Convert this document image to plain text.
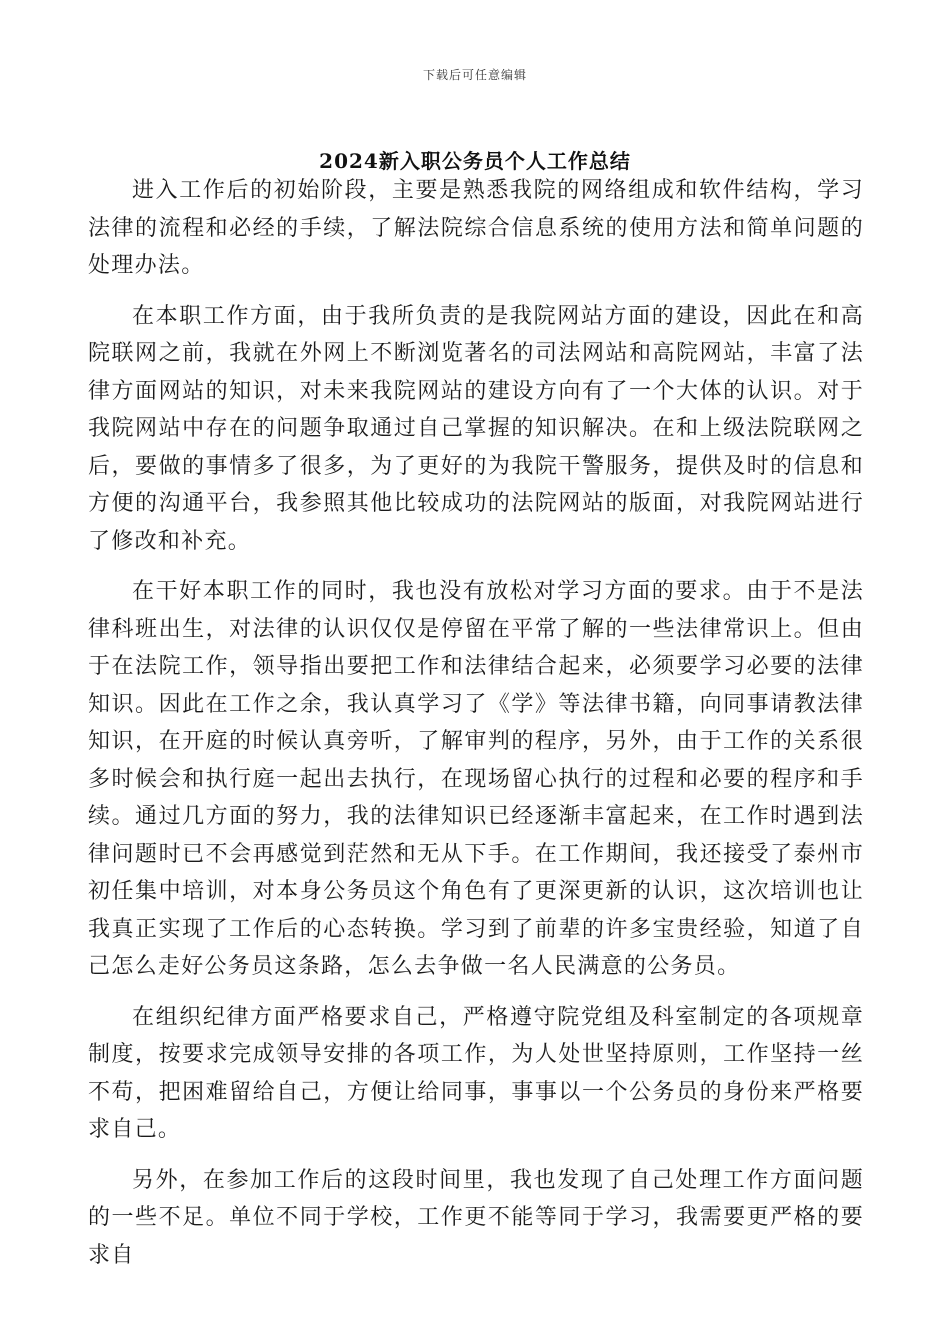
下载后可任意编辑
2024新入职公务员个人工作总结

进入工作后的初始阶段，主要是熟悉我院的网络组成和软件结构，学习法律的流程和必经的手续，了解法院综合信息系统的使用方法和简单问题的处理办法。

在本职工作方面，由于我所负责的是我院网站方面的建设，因此在和高院联网之前，我就在外网上不断浏览著名的司法网站和高院网站，丰富了法律方面网站的知识，对未来我院网站的建设方向有了一个大体的认识。对于我院网站中存在的问题争取通过自己掌握的知识解决。在和上级法院联网之后，要做的事情多了很多，为了更好的为我院干警服务，提供及时的信息和方便的沟通平台，我参照其他比较成功的法院网站的版面，对我院网站进行了修改和补充。

在干好本职工作的同时，我也没有放松对学习方面的要求。由于不是法律科班出生，对法律的认识仅仅是停留在平常了解的一些法律常识上。但由于在法院工作，领导指出要把工作和法律结合起来，必须要学习必要的法律知识。因此在工作之余，我认真学习了《学》等法律书籍，向同事请教法律知识，在开庭的时候认真旁听，了解审判的程序，另外，由于工作的关系很多时候会和执行庭一起出去执行，在现场留心执行的过程和必要的程序和手续。通过几方面的努力，我的法律知识已经逐渐丰富起来，在工作时遇到法律问题时已不会再感觉到茫然和无从下手。在工作期间，我还接受了泰州市初任集中培训，对本身公务员这个角色有了更深更新的认识，这次培训也让我真正实现了工作后的心态转换。学习到了前辈的许多宝贵经验，知道了自己怎么走好公务员这条路，怎么去争做一名人民满意的公务员。

在组织纪律方面严格要求自己，严格遵守院党组及科室制定的各项规章制度，按要求完成领导安排的各项工作，为人处世坚持原则，工作坚持一丝不苟，把困难留给自己，方便让给同事，事事以一个公务员的身份来严格要求自己。

另外，在参加工作后的这段时间里，我也发现了自己处理工作方面问题的一些不足。单位不同于学校，工作更不能等同于学习，我需要更严格的要求自
